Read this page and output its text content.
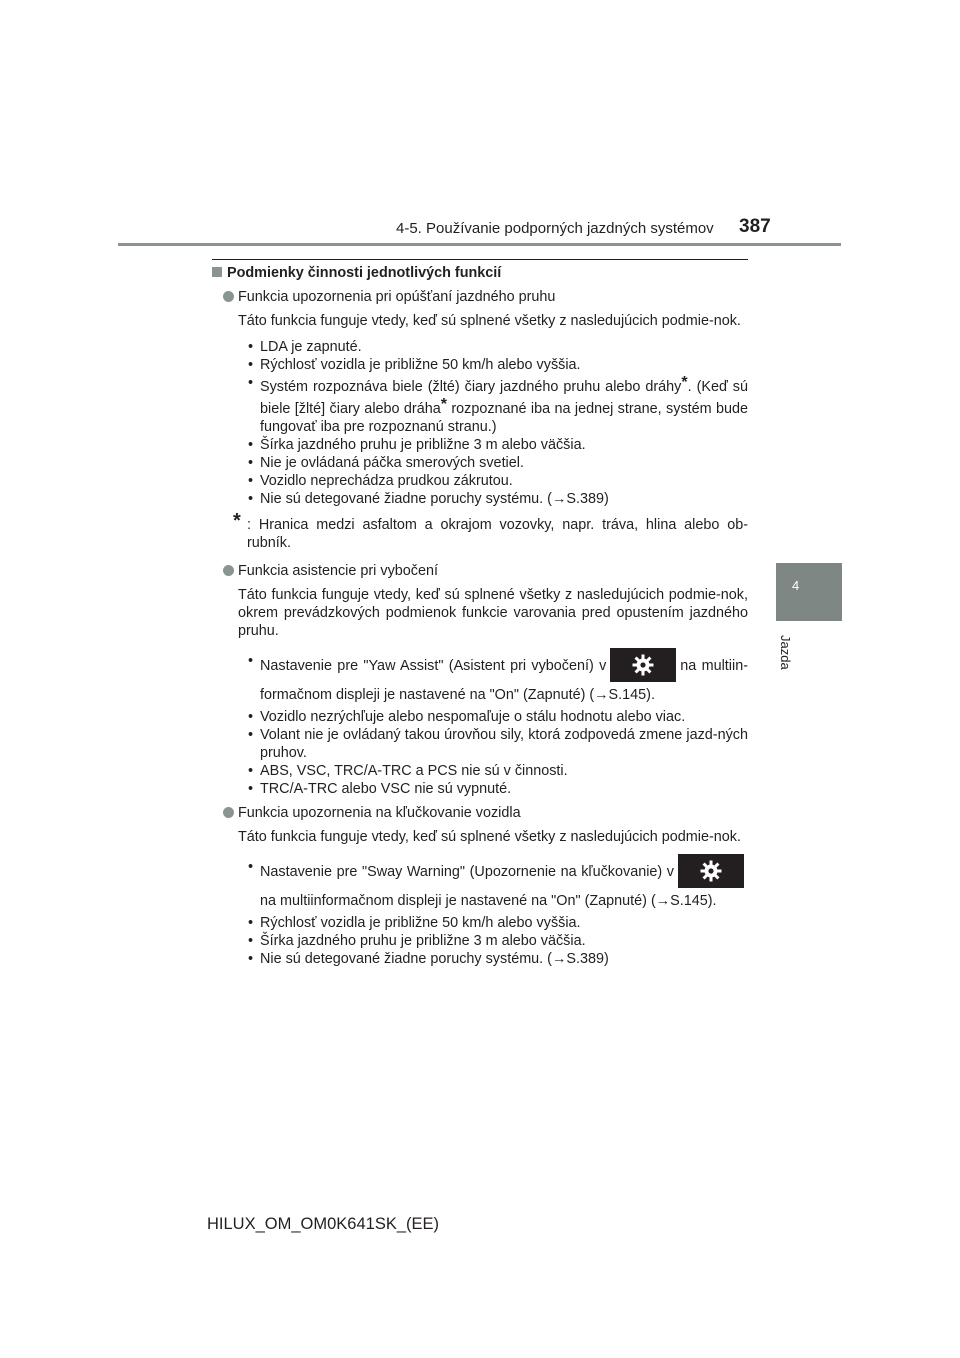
4-5. Používanie podporných jazdných systémov 387
4
Jazda
Podmienky činnosti jednotlivých funkcií
Funkcia upozornenia pri opúšťaní jazdného pruhu
Táto funkcia funguje vtedy, keď sú splnené všetky z nasledujúcich podmie-nok.
• LDA je zapnuté.
• Rýchlosť vozidla je približne 50 km/h alebo vyššia.
• Systém rozpoznáva biele (žlté) čiary jazdného pruhu alebo dráhy*. (Keď sú biele [žlté] čiary alebo dráha* rozpoznané iba na jednej strane, systém bude fungovať iba pre rozpoznanú stranu.)
• Šírka jazdného pruhu je približne 3 m alebo väčšia.
• Nie je ovládaná páčka smerových svetiel.
• Vozidlo neprechádza prudkou zákrutou.
• Nie sú detegované žiadne poruchy systému. (→S.389)
* : Hranica medzi asfaltom a okrajom vozovky, napr. tráva, hlina alebo ob-rubník.
Funkcia asistencie pri vybočení
Táto funkcia funguje vtedy, keď sú splnené všetky z nasledujúcich podmie-nok, okrem prevádzkových podmienok funkcie varovania pred opustením jazdného pruhu.
• Nastavenie pre "Yaw Assist" (Asistent pri vybočení) v	na multiin-formačnom displeji je nastavené na "On" (Zapnuté) (→S.145).
• Vozidlo nezrýchľuje alebo nespomaľuje o stálu hodnotu alebo viac.
• Volant nie je ovládaný takou úrovňou sily, ktorá zodpovedá zmene jazd-ných pruhov.
• ABS, VSC, TRC/A-TRC a PCS nie sú v činnosti.
• TRC/A-TRC alebo VSC nie sú vypnuté.
Funkcia upozornenia na kľučkovanie vozidla
Táto funkcia funguje vtedy, keď sú splnené všetky z nasledujúcich podmie-nok.
• Nastavenie pre "Sway Warning" (Upozornenie na kľučkovanie) v
na multiinformačnom displeji je nastavené na "On" (Zapnuté) (→S.145).
• Rýchlosť vozidla je približne 50 km/h alebo vyššia.
• Šírka jazdného pruhu je približne 3 m alebo väčšia.
• Nie sú detegované žiadne poruchy systému. (→S.389)
HILUX_OM_OM0K641SK_(EE)
